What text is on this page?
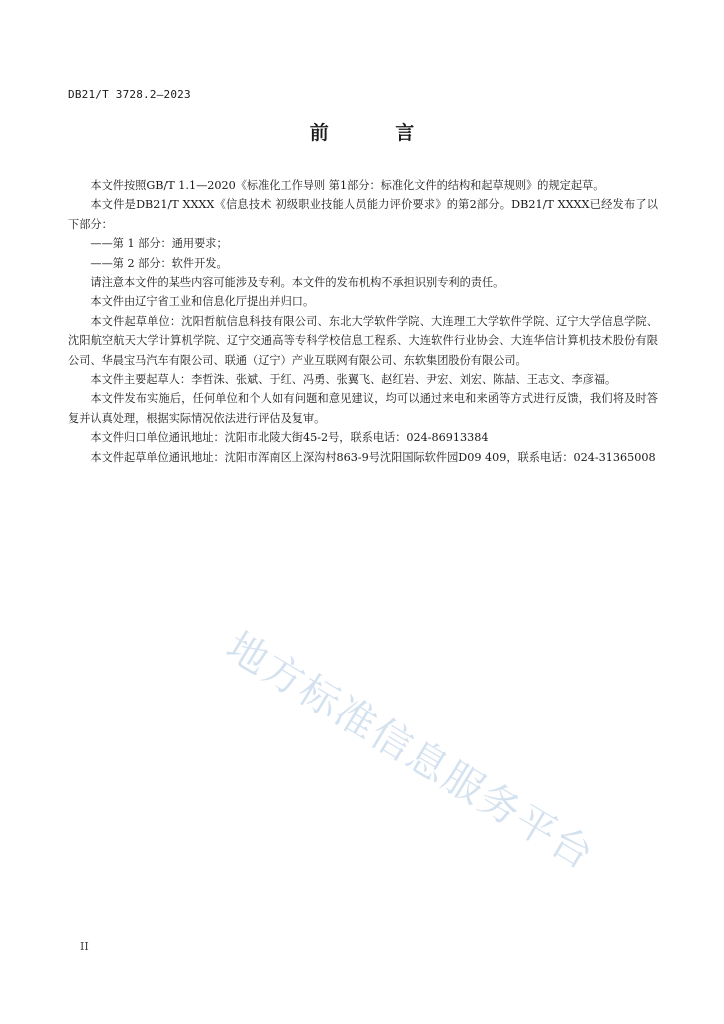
DB21/T 3728.2—2023
前 言

本文件按照GB/T 1.1—2020《标准化工作导则 第1部分：标准化文件的结构和起草规则》的规定起草。

本文件是DB21/T XXXX《信息技术 初级职业技能人员能力评价要求》的第2部分。DB21/T XXXX已经发布了以下部分：

——第 1 部分：通用要求；

——第 2 部分：软件开发。

请注意本文件的某些内容可能涉及专利。本文件的发布机构不承担识别专利的责任。

本文件由辽宁省工业和信息化厅提出并归口。

本文件起草单位：沈阳哲航信息科技有限公司、东北大学软件学院、大连理工大学软件学院、辽宁大学信息学院、沈阳航空航天大学计算机学院、辽宁交通高等专科学校信息工程系、大连软件行业协会、大连华信计算机技术股份有限公司、华晨宝马汽车有限公司、联通（辽宁）产业互联网有限公司、东软集团股份有限公司。

本文件主要起草人：李哲洙、张斌、于红、冯勇、张翼飞、赵红岩、尹宏、刘宏、陈喆、王志文、李彦福。

本文件发布实施后，任何单位和个人如有问题和意见建议，均可以通过来电和来函等方式进行反馈，我们将及时答复并认真处理，根据实际情况依法进行评估及复审。

本文件归口单位通讯地址：沈阳市北陵大街45-2号，联系电话：024-86913384

本文件起草单位通讯地址：沈阳市浑南区上深沟村863-9号沈阳国际软件园D09 409，联系电话：024-31365008

地方标准信息服务平台
II
